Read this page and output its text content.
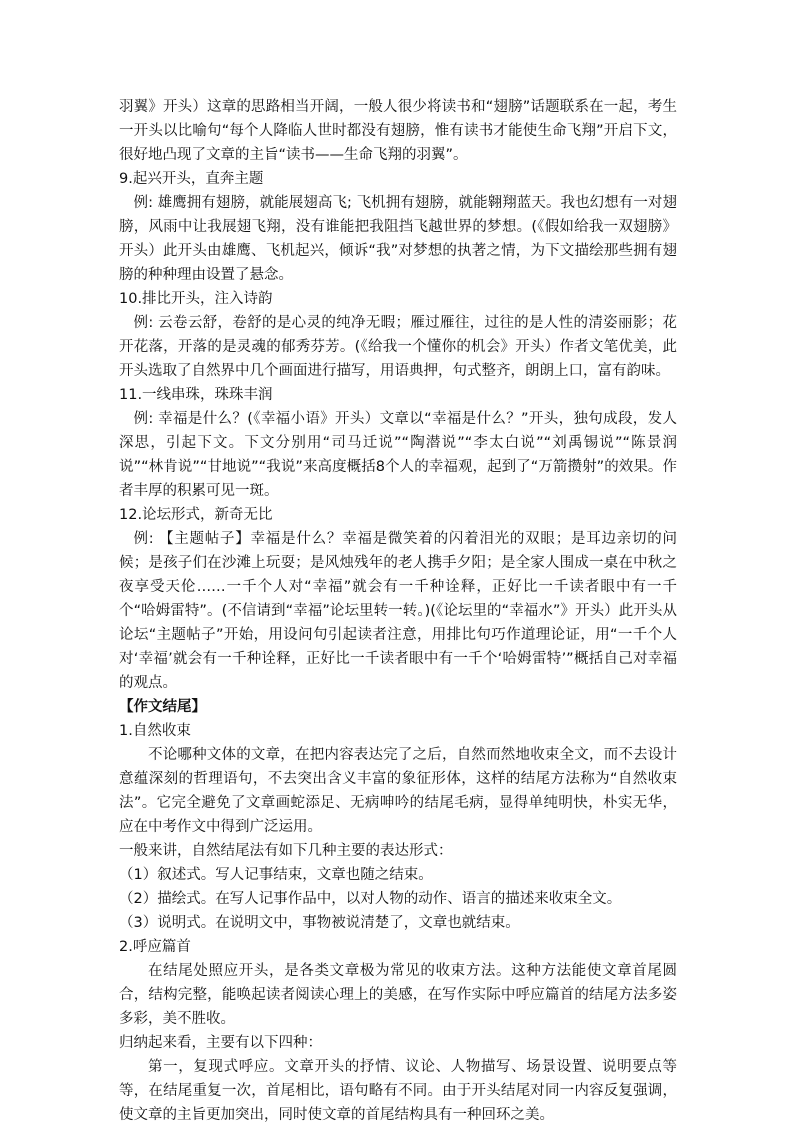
羽翼》开头）这章的思路相当开阔，一般人很少将读书和“翅膀”话题联系在一起，考生一开头以比喻句“每个人降临人世时都没有翅膀，惟有读书才能使生命飞翔”开启下文，很好地凸现了文章的主旨“读书——生命飞翔的羽翼”。

9.起兴开头，直奔主题

例: 雄鹰拥有翅膀，就能展翅高飞; 飞机拥有翅膀，就能翱翔蓝天。我也幻想有一对翅膀，风雨中让我展翅飞翔，没有谁能把我阻挡飞越世界的梦想。(《假如给我一双翅膀》开头）此开头由雄鹰、飞机起兴，倾诉“我”对梦想的执著之情，为下文描绘那些拥有翅膀的种种理由设置了悬念。

10.排比开头，注入诗韵

例: 云卷云舒，卷舒的是心灵的纯净无暇；雁过雁往，过往的是人性的清姿丽影；花开花落，开落的是灵魂的郁秀芬芳。(《给我一个懂你的机会》开头）作者文笔优美，此开头选取了自然界中几个画面进行描写，用语典押，句式整齐，朗朗上口，富有韵味。

11.一线串珠，珠珠丰润

例: 幸福是什么？(《幸福小语》开头）文章以“幸福是什么？”开头，独句成段，发人深思，引起下文。下文分别用“司马迁说”“陶潜说”“李太白说”“刘禹锡说”“陈景润说”“林肯说”“甘地说”“我说”来高度概括8个人的幸福观，起到了“万箭攒射”的效果。作者丰厚的积累可见一斑。

12.论坛形式，新奇无比

例: 【主题帖子】幸福是什么？幸福是微笑着的闪着泪光的双眼；是耳边亲切的问候；是孩子们在沙滩上玩耍；是风烛残年的老人携手夕阳；是全家人围成一桌在中秋之夜享受天伦……一千个人对“幸福”就会有一千种诠释，正好比一千读者眼中有一千个“哈姆雷特”。(不信请到“幸福”论坛里转一转。)(《论坛里的“幸福水”》开头）此开头从论坛“主题帖子”开始，用设问句引起读者注意，用排比句巧作道理论证，用“一千个人对‘幸福’就会有一千种诠释，正好比一千读者眼中有一千个‘哈姆雷特’”概括自己对幸福的观点。

【作文结尾】

1.自然收束

不论哪种文体的文章，在把内容表达完了之后，自然而然地收束全文，而不去设计意蕴深刻的哲理语句，不去突出含义丰富的象征形体，这样的结尾方法称为“自然收束法”。它完全避免了文章画蛇添足、无病呻吟的结尾毛病，显得单纯明快，朴实无华，应在中考作文中得到广泛运用。

一般来讲，自然结尾法有如下几种主要的表达形式：

（1）叙述式。写人记事结束，文章也随之结束。

（2）描绘式。在写人记事作品中，以对人物的动作、语言的描述来收束全文。

（3）说明式。在说明文中，事物被说清楚了，文章也就结束。

2.呼应篇首

在结尾处照应开头，是各类文章极为常见的收束方法。这种方法能使文章首尾圆合，结构完整，能唤起读者阅读心理上的美感，在写作实际中呼应篇首的结尾方法多姿多彩，美不胜收。

归纳起来看，主要有以下四种：

第一，复现式呼应。文章开头的抒情、议论、人物描写、场景设置、说明要点等等，在结尾重复一次，首尾相比，语句略有不同。由于开头结尾对同一内容反复强调，使文章的主旨更加突出，同时使文章的首尾结构具有一种回环之美。
